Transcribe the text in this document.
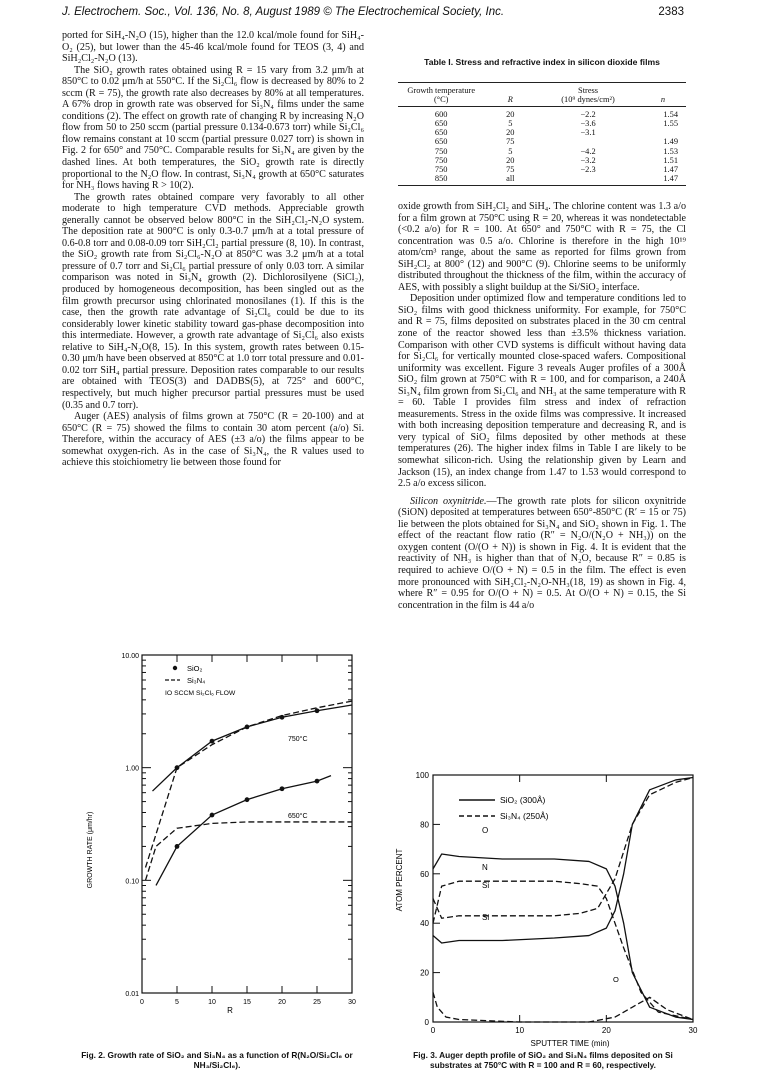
J. Electrochem. Soc., Vol. 136, No. 8, August 1989 © The Electrochemical Society, Inc.	2383

ported for SiH₄-N₂O (15), higher than the 12.0 kcal/mole found for SiH₄-O₂ (25), but lower than the 45-46 kcal/mole found for TEOS (3, 4) and SiH₂Cl₂-N₂O (13).

The SiO₂ growth rates obtained using R = 15 vary from 3.2 μm/h at 850°C to 0.02 μm/h at 550°C. If the Si₂Cl₆ flow is decreased by 80% to 2 sccm (R = 75), the growth rate also decreases by 80% at all temperatures. A 67% drop in growth rate was observed for Si₃N₄ films under the same conditions (2). The effect on growth rate of changing R by increasing N₂O flow from 50 to 250 sccm (partial pressure 0.134-0.673 torr) while Si₂Cl₆ flow remains constant at 10 sccm (partial pressure 0.027 torr) is shown in Fig. 2 for 650° and 750°C. Comparable results for Si₃N₄ are given by the dashed lines. At both temperatures, the SiO₂ growth rate is directly proportional to the N₂O flow. In contrast, Si₃N₄ growth at 650°C saturates for NH₃ flows having R > 10(2).

The growth rates obtained compare very favorably to all other moderate to high temperature CVD methods. Appreciable growth generally cannot be observed below 800°C in the SiH₂Cl₂-N₂O system. The deposition rate at 900°C is only 0.3-0.7 μm/h at a total pressure of 0.6-0.8 torr and 0.08-0.09 torr SiH₂Cl₂ partial pressure (8, 10). In contrast, the SiO₂ growth rate from Si₂Cl₆-N₂O at 850°C was 3.2 μm/h at a total pressure of 0.7 torr and Si₂Cl₆ partial pressure of only 0.03 torr. A similar comparison was noted in Si₃N₄ growth (2). Dichlorosilyene (SiCl₂), produced by homogeneous decomposition, has been singled out as the film growth precursor using chlorinated monosilanes (1). If this is the case, then the growth rate advantage of Si₂Cl₆ could be due to its considerably lower kinetic stability toward gas-phase decomposition into this intermediate. However, a growth rate advantage of Si₂Cl₆ also exists relative to SiH₄-N₂O(8, 15). In this system, growth rates between 0.15-0.30 μm/h have been observed at 850°C at 1.0 torr total pressure and 0.01-0.02 torr SiH₄ partial pressure. Deposition rates comparable to our results are obtained with TEOS(3) and DADBS(5), at 725° and 600°C, respectively, but much higher precursor partial pressures must be used (0.35 and 0.7 torr).

Auger (AES) analysis of films grown at 750°C (R = 20-100) and at 650°C (R = 75) showed the films to contain 30 atom percent (a/o) Si. Therefore, within the accuracy of AES (±3 a/o) the films appear to be somewhat oxygen-rich. As in the case of Si₃N₄, the R values used to achieve this stoichiometry lie between those found for

Table I. Stress and refractive index in silicon dioxide films
Growth temperature
(°C)	R	Stress
(10⁹ dynes/cm²)	n
600	20	−2.2	1.54
650	5	−3.6	1.55
650	20	−3.1	
650	75		1.49
750	5	−4.2	1.53
750	20	−3.2	1.51
750	75	−2.3	1.47
850	all		1.47

oxide growth from SiH₂Cl₂ and SiH₄. The chlorine content was 1.3 a/o for a film grown at 750°C using R = 20, whereas it was nondetectable (<0.2 a/o) for R = 100. At 650° and 750°C with R = 75, the Cl concentration was 0.5 a/o. Chlorine is therefore in the high 10¹⁹ atom/cm³ range, about the same as reported for films grown from SiH₂Cl₂ at 800° (12) and 900°C (9). Chlorine seems to be uniformly distributed throughout the thickness of the film, within the accuracy of AES, with possibly a slight buildup at the Si/SiO₂ interface.

Deposition under optimized flow and temperature conditions led to SiO₂ films with good thickness uniformity. For example, for 750°C and R = 75, films deposited on substrates placed in the 30 cm central zone of the reactor showed less than ±3.5% thickness variation. Comparison with other CVD systems is difficult without having data for Si₂Cl₆ for vertically mounted close-spaced wafers. Compositional uniformity was excellent. Figure 3 reveals Auger profiles of a 300Å SiO₂ film grown at 750°C with R = 100, and for comparison, a 240Å Si₃N₄ film grown from Si₂Cl₆ and NH₃ at the same temperature with R = 60. Table I provides film stress and index of refraction measurements. Stress in the oxide films was compressive. It increased with both increasing deposition temperature and decreasing R, and is very typical of SiO₂ films deposited by other methods at these temperatures (26). The higher index films in Table I are likely to be somewhat silicon-rich. Using the relationship given by Learn and Jackson (15), an index change from 1.47 to 1.53 would correspond to 2.5 a/o excess silicon.

Silicon oxynitride.—The growth rate plots for silicon oxynitride (SiON) deposited at temperatures between 650°-850°C (R′ = 15 or 75) lie between the plots obtained for Si₃N₄ and SiO₂ shown in Fig. 1. The effect of the reactant flow ratio (R″ = N₂O/(N₂O + NH₃)) on the oxygen content (O/(O + N)) is shown in Fig. 4. It is evident that the reactivity of NH₃ is higher than that of N₂O, because R″ = 0.85 is required to achieve O/(O + N) = 0.5 in the film. The effect is even more pronounced with SiH₂Cl₂-N₂O-NH₃(18, 19) as shown in Fig. 4, where R″ = 0.95 for O/(O + N) = 0.5. At O/(O + N) = 0.15, the Si concentration in the film is 44 a/o

10.00
1.00
0.10
0.01
0	5	10	15	20	25	30
GROWTH RATE (μm/hr)
R
SiO₂
Si₃N₄
IO SCCM Si₂Cl₆ FLOW
750°C
650°C
Fig. 2. Growth rate of SiO₂ and Si₃N₄ as a function of R(N₂O/Si₂Cl₆ or NH₃/Si₂Cl₆).
100
80
60
40
20
0
0	10	20	30
ATOM PERCENT
SPUTTER TIME (min)
SiO₂ (300Å)
Si₃N₄ (250Å)
O
N
Si
Si
O
Fig. 3. Auger depth profile of SiO₂ and Si₃N₄ films deposited on Si substrates at 750°C with R = 100 and R = 60, respectively.
